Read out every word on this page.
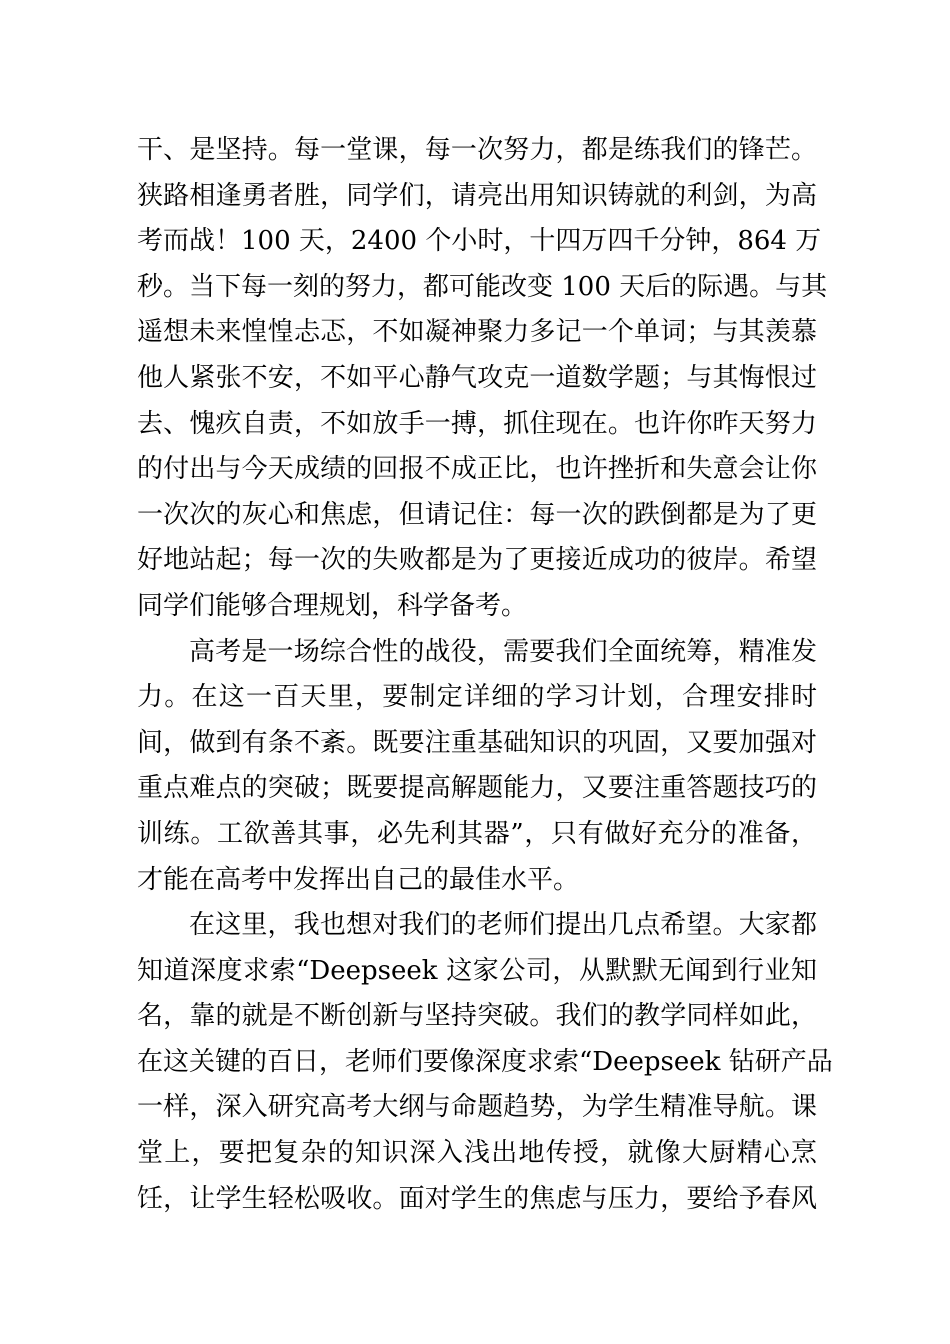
干、是坚持。每一堂课，每一次努力，都是练我们的锋芒。
狭路相逢勇者胜，同学们，请亮出用知识铸就的利剑，为高
考而战！100 天，2400 个小时，十四万四千分钟，864 万
秒。当下每一刻的努力，都可能改变 100 天后的际遇。与其
遥想未来惶惶忐忑，不如凝神聚力多记一个单词；与其羡慕
他人紧张不安，不如平心静气攻克一道数学题；与其悔恨过
去、愧疚自责，不如放手一搏，抓住现在。也许你昨天努力
的付出与今天成绩的回报不成正比，也许挫折和失意会让你
一次次的灰心和焦虑，但请记住：每一次的跌倒都是为了更
好地站起；每一次的失败都是为了更接近成功的彼岸。希望
同学们能够合理规划，科学备考。
高考是一场综合性的战役，需要我们全面统筹，精准发
力。在这一百天里，要制定详细的学习计划，合理安排时
间，做到有条不紊。既要注重基础知识的巩固，又要加强对
重点难点的突破；既要提高解题能力，又要注重答题技巧的
训练。工欲善其事，必先利其器”，只有做好充分的准备，
才能在高考中发挥出自己的最佳水平。
在这里，我也想对我们的老师们提出几点希望。大家都
知道深度求索“Deepseek 这家公司，从默默无闻到行业知
名，靠的就是不断创新与坚持突破。我们的教学同样如此，
在这关键的百日，老师们要像深度求索“Deepseek 钻研产品
一样，深入研究高考大纲与命题趋势，为学生精准导航。课
堂上，要把复杂的知识深入浅出地传授，就像大厨精心烹
饪，让学生轻松吸收。面对学生的焦虑与压力，要给予春风
